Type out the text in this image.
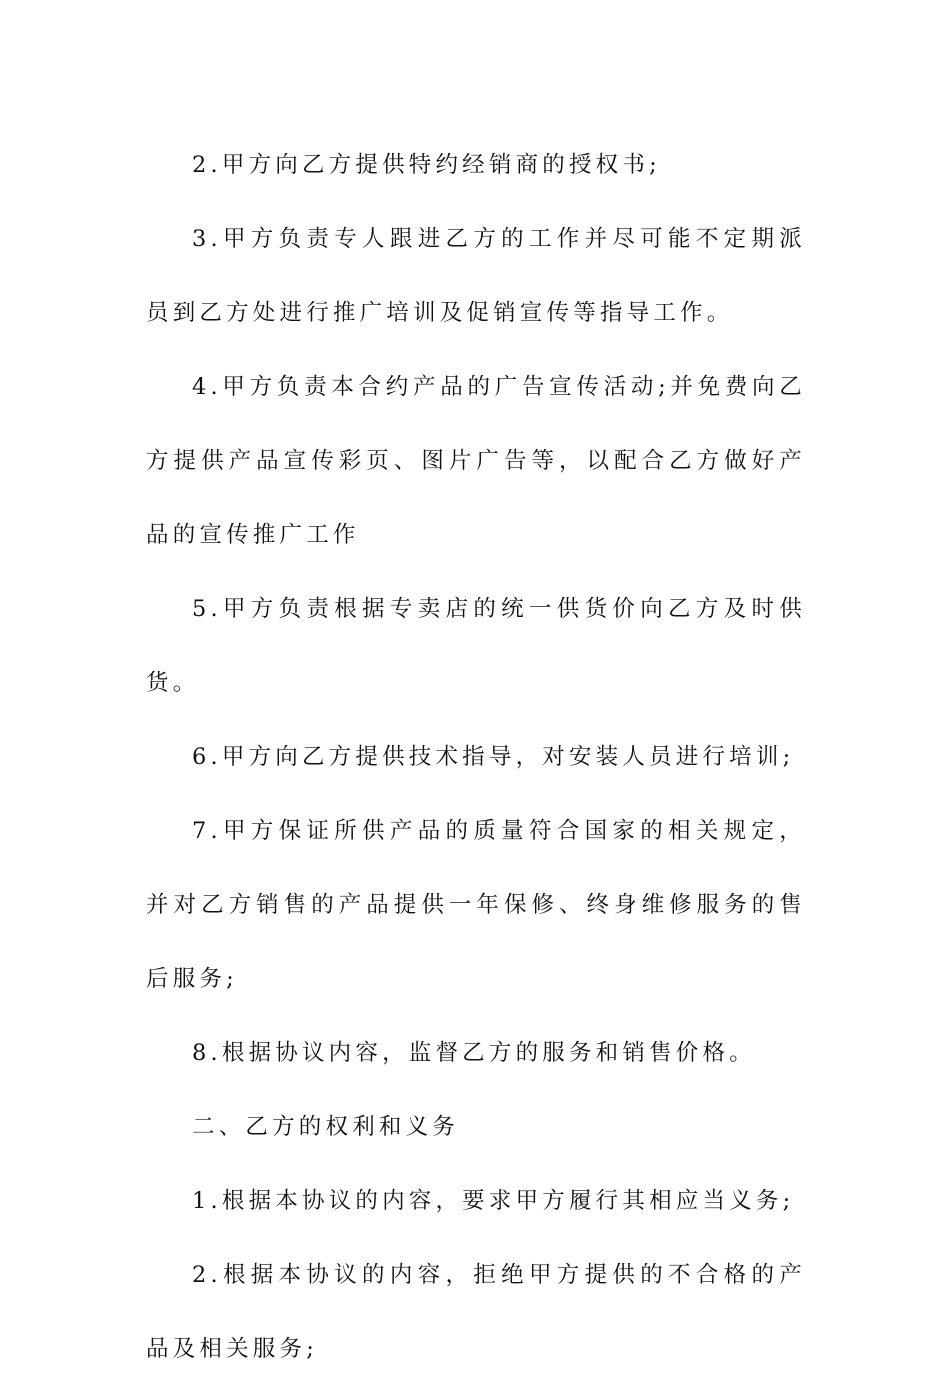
2.甲方向乙方提供特约经销商的授权书;

3.甲方负责专人跟进乙方的工作并尽可能不定期派员到乙方处进行推广培训及促销宣传等指导工作。

4.甲方负责本合约产品的广告宣传活动;并免费向乙方提供产品宣传彩页、图片广告等，以配合乙方做好产品的宣传推广工作

5.甲方负责根据专卖店的统一供货价向乙方及时供货。

6.甲方向乙方提供技术指导，对安装人员进行培训;

7.甲方保证所供产品的质量符合国家的相关规定，并对乙方销售的产品提供一年保修、终身维修服务的售后服务;

8.根据协议内容，监督乙方的服务和销售价格。

二、乙方的权利和义务

1.根据本协议的内容，要求甲方履行其相应当义务;

2.根据本协议的内容，拒绝甲方提供的不合格的产品及相关服务;
